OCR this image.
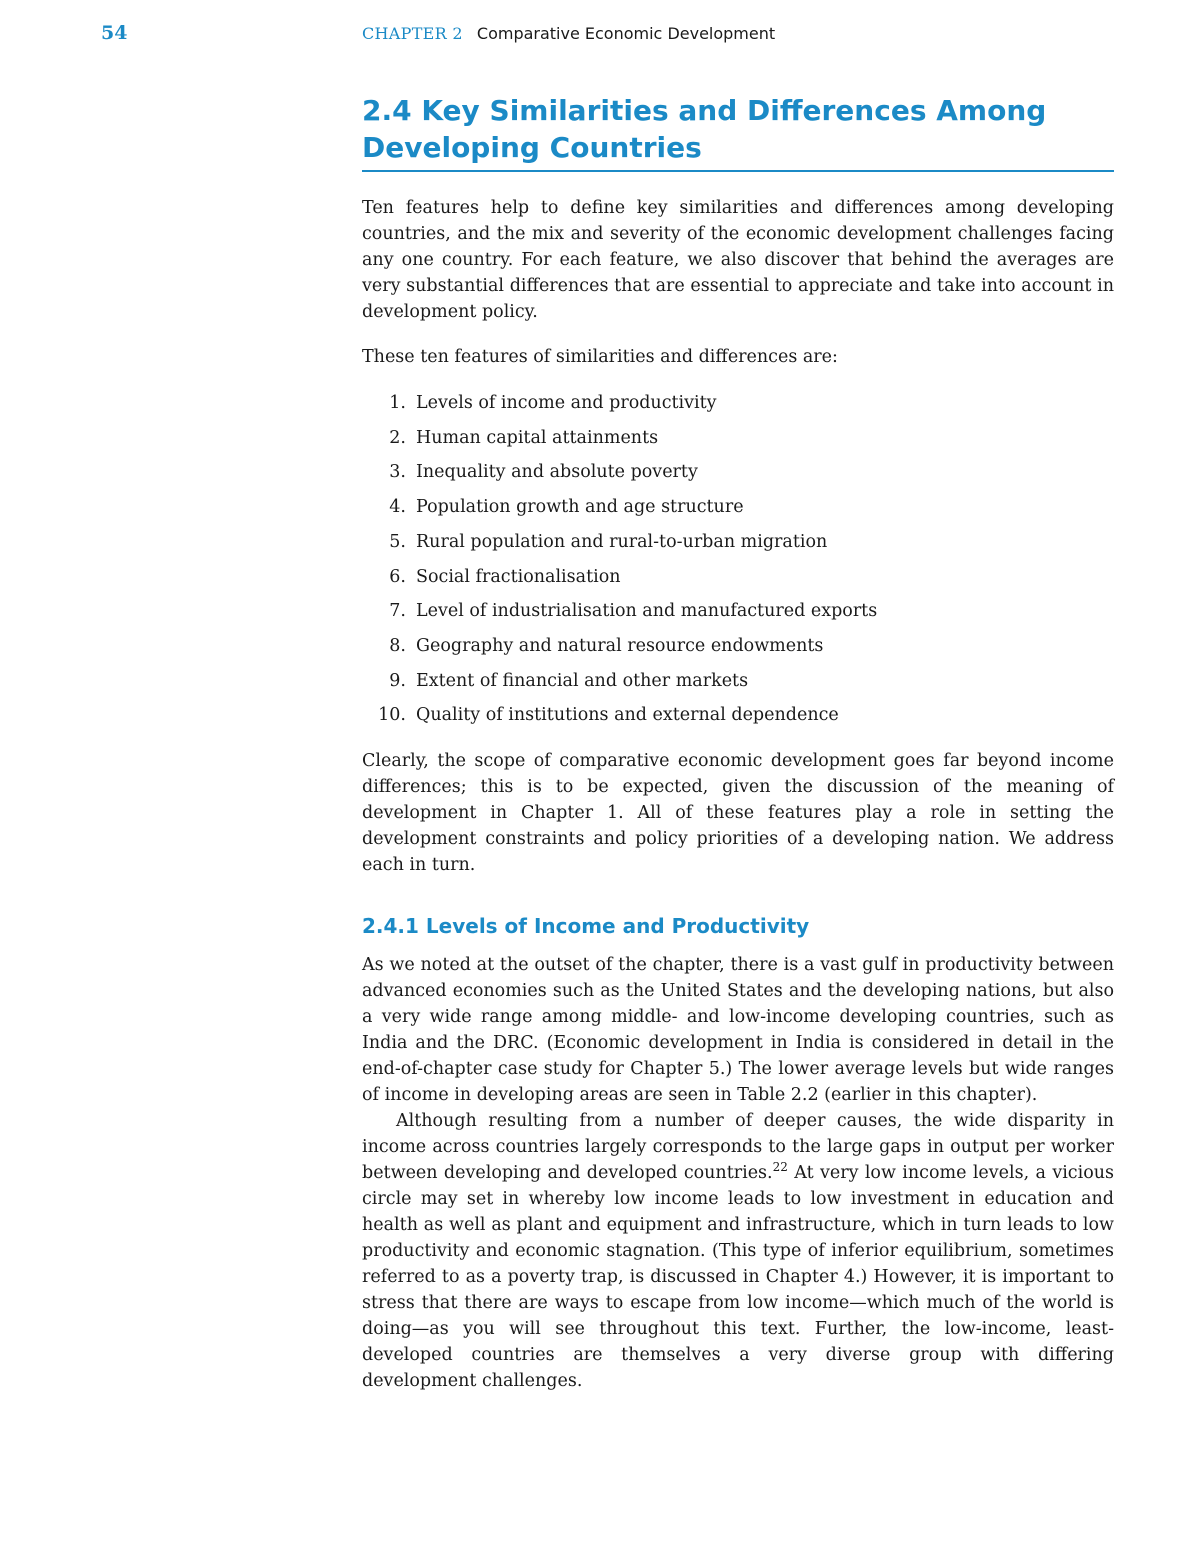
54	CHAPTER 2 Comparative Economic Development
2.4 Key Similarities and Differences Among Developing Countries

Ten features help to define key similarities and differences among developing countries, and the mix and severity of the economic development challenges facing any one country. For each feature, we also discover that behind the averages are very substantial differences that are essential to appreciate and take into account in development policy.

These ten features of similarities and differences are:

1. Levels of income and productivity
2. Human capital attainments
3. Inequality and absolute poverty
4. Population growth and age structure
5. Rural population and rural-to-urban migration
6. Social fractionalisation
7. Level of industrialisation and manufactured exports
8. Geography and natural resource endowments
9. Extent of financial and other markets
10. Quality of institutions and external dependence

Clearly, the scope of comparative economic development goes far beyond income differences; this is to be expected, given the discussion of the meaning of development in Chapter 1. All of these features play a role in setting the development constraints and policy priorities of a developing nation. We address each in turn.

2.4.1 Levels of Income and Productivity

As we noted at the outset of the chapter, there is a vast gulf in productivity between advanced economies such as the United States and the developing nations, but also a very wide range among middle- and low-income developing countries, such as India and the DRC. (Economic development in India is considered in detail in the end-of-chapter case study for Chapter 5.) The lower average levels but wide ranges of income in developing areas are seen in Table 2.2 (earlier in this chapter).

Although resulting from a number of deeper causes, the wide disparity in income across countries largely corresponds to the large gaps in output per worker between developing and developed countries.$^{22}$ At very low income levels, a vicious circle may set in whereby low income leads to low investment in education and health as well as plant and equipment and infrastructure, which in turn leads to low productivity and economic stagnation. (This type of inferior equilibrium, sometimes referred to as a poverty trap, is discussed in Chapter 4.) However, it is important to stress that there are ways to escape from low income—which much of the world is doing—as you will see throughout this text. Further, the low-income, least-developed countries are themselves a very diverse group with differing development challenges.
